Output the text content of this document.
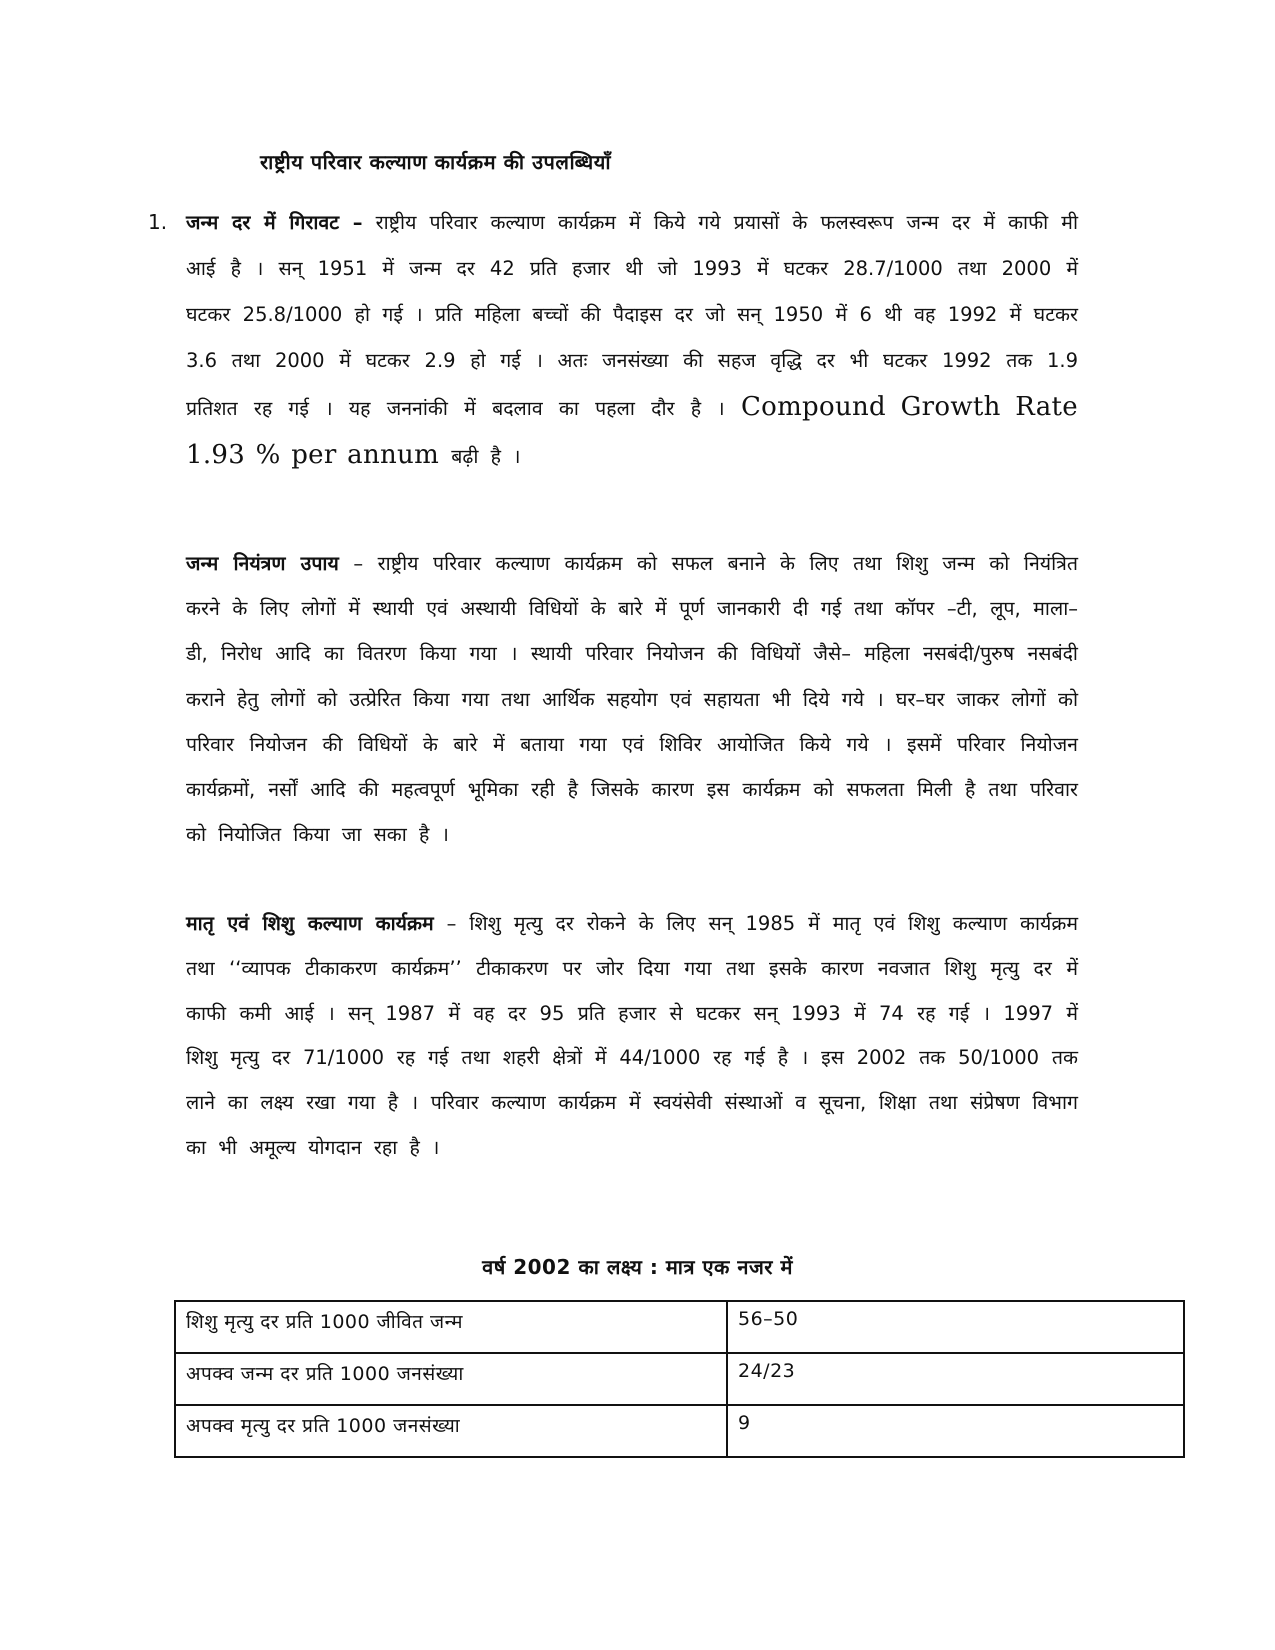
राष्ट्रीय परिवार कल्याण कार्यक्रम की उपलब्धियाँ
1. जन्म दर में गिरावट – राष्ट्रीय परिवार कल्याण कार्यक्रम में किये गये प्रयासों के फलस्वरूप जन्म दर में काफी मी आई है । सन् 1951 में जन्म दर 42 प्रति हजार थी जो 1993 में घटकर 28.7/1000 तथा 2000 में घटकर 25.8/1000 हो गई । प्रति महिला बच्चों की पैदाइस दर जो सन् 1950 में 6 थी वह 1992 में घटकर 3.6 तथा 2000 में घटकर 2.9 हो गई । अतः जनसंख्या की सहज वृद्धि दर भी घटकर 1992 तक 1.9 प्रतिशत रह गई । यह जननांकी में बदलाव का पहला दौर है । Compound Growth Rate 1.93 % per annum बढ़ी है ।
जन्म नियंत्रण उपाय – राष्ट्रीय परिवार कल्याण कार्यक्रम को सफल बनाने के लिए तथा शिशु जन्म को नियंत्रित करने के लिए लोगों में स्थायी एवं अस्थायी विधियों के बारे में पूर्ण जानकारी दी गई तथा कॉपर –टी, लूप, माला–डी, निरोध आदि का वितरण किया गया । स्थायी परिवार नियोजन की विधियों जैसे– महिला नसबंदी/पुरुष नसबंदी कराने हेतु लोगों को उत्प्रेरित किया गया तथा आर्थिक सहयोग एवं सहायता भी दिये गये । घर–घर जाकर लोगों को परिवार नियोजन की विधियों के बारे में बताया गया एवं शिविर आयोजित किये गये । इसमें परिवार नियोजन कार्यक्रमों, नर्सों आदि की महत्वपूर्ण भूमिका रही है जिसके कारण इस कार्यक्रम को सफलता मिली है तथा परिवार को नियोजित किया जा सका है ।
मातृ एवं शिशु कल्याण कार्यक्रम – शिशु मृत्यु दर रोकने के लिए सन् 1985 में मातृ एवं शिशु कल्याण कार्यक्रम तथा ‘‘व्यापक टीकाकरण कार्यक्रम’’ टीकाकरण पर जोर दिया गया तथा इसके कारण नवजात शिशु मृत्यु दर में काफी कमी आई । सन् 1987 में वह दर 95 प्रति हजार से घटकर सन् 1993 में 74 रह गई । 1997 में शिशु मृत्यु दर 71/1000 रह गई तथा शहरी क्षेत्रों में 44/1000 रह गई है । इस 2002 तक 50/1000 तक लाने का लक्ष्य रखा गया है । परिवार कल्याण कार्यक्रम में स्वयंसेवी संस्थाओं व सूचना, शिक्षा तथा संप्रेषण विभाग का भी अमूल्य योगदान रहा है ।
वर्ष 2002 का लक्ष्य : मात्र एक नजर में
शिशु मृत्यु दर प्रति 1000 जीवित जन्म	56–50
अपक्व जन्म दर प्रति 1000 जनसंख्या	24/23
अपक्व मृत्यु दर प्रति 1000 जनसंख्या	9
